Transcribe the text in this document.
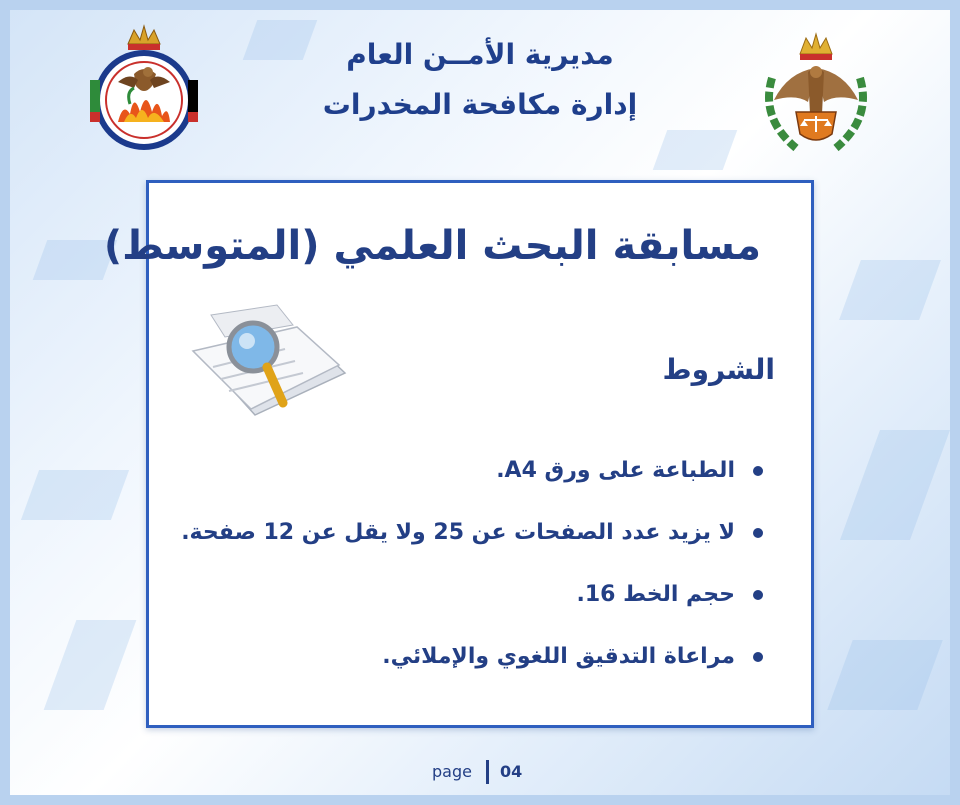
مديرية الأمــن العام
إدارة مكافحة المخدرات
مسابقة البحث العلمي (المتوسط)
الشروط
الطباعة على ورق A4.
لا يزيد عدد الصفحات عن 25 ولا يقل عن 12 صفحة.
حجم الخط 16.
مراعاة التدقيق اللغوي والإملائي.
page 04
